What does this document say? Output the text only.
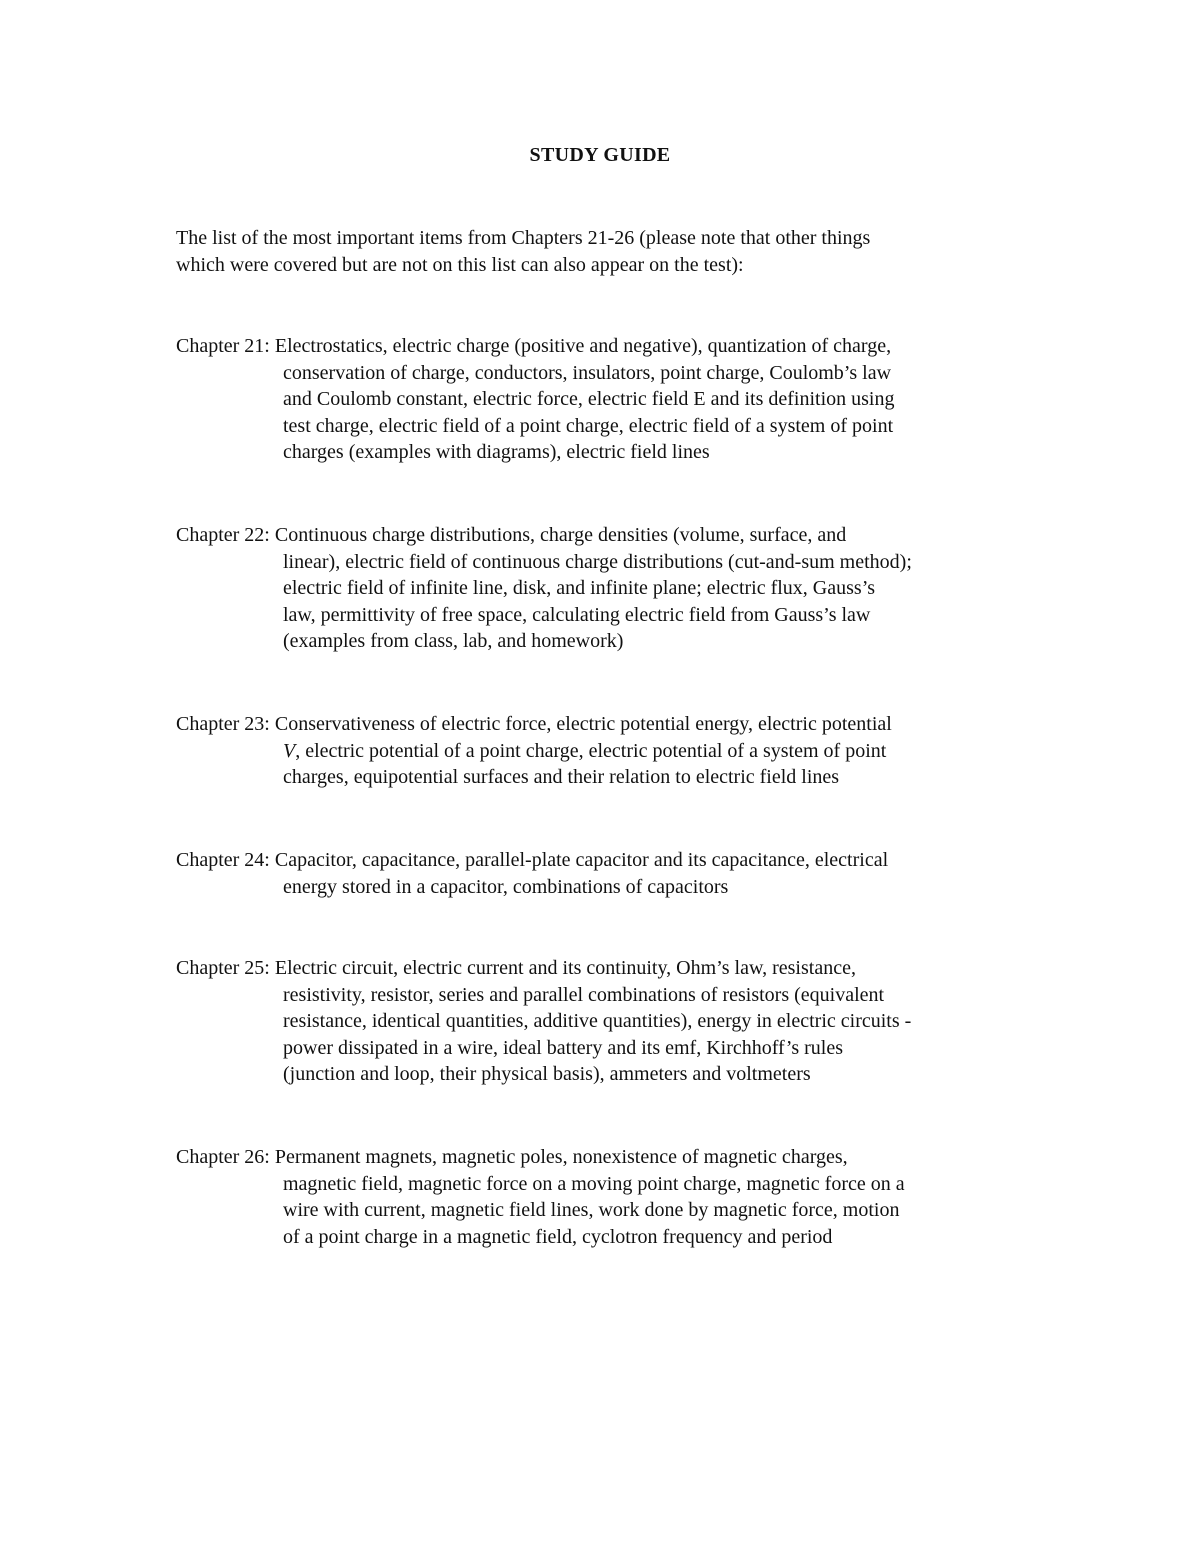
STUDY GUIDE
The list of the most important items from Chapters 21-26 (please note that other things
which were covered but are not on this list can also appear on the test):
Chapter 21: Electrostatics, electric charge (positive and negative), quantization of charge,
conservation of charge, conductors, insulators, point charge, Coulomb’s law
and Coulomb constant, electric force, electric field E and its definition using
test charge, electric field of a point charge, electric field of a system of point
charges (examples with diagrams), electric field lines
Chapter 22: Continuous charge distributions, charge densities (volume, surface, and
linear), electric field of continuous charge distributions (cut-and-sum method);
electric field of infinite line, disk, and infinite plane; electric flux, Gauss’s
law, permittivity of free space, calculating electric field from Gauss’s law
(examples from class, lab, and homework)
Chapter 23: Conservativeness of electric force, electric potential energy, electric potential
V, electric potential of a point charge, electric potential of a system of point
charges, equipotential surfaces and their relation to electric field lines
Chapter 24: Capacitor, capacitance, parallel-plate capacitor and its capacitance, electrical
energy stored in a capacitor, combinations of capacitors
Chapter 25: Electric circuit, electric current and its continuity, Ohm’s law, resistance,
resistivity, resistor, series and parallel combinations of resistors (equivalent
resistance, identical quantities, additive quantities), energy in electric circuits -
power dissipated in a wire, ideal battery and its emf, Kirchhoff’s rules
(junction and loop, their physical basis), ammeters and voltmeters
Chapter 26: Permanent magnets, magnetic poles, nonexistence of magnetic charges,
magnetic field, magnetic force on a moving point charge, magnetic force on a
wire with current, magnetic field lines, work done by magnetic force, motion
of a point charge in a magnetic field, cyclotron frequency and period
